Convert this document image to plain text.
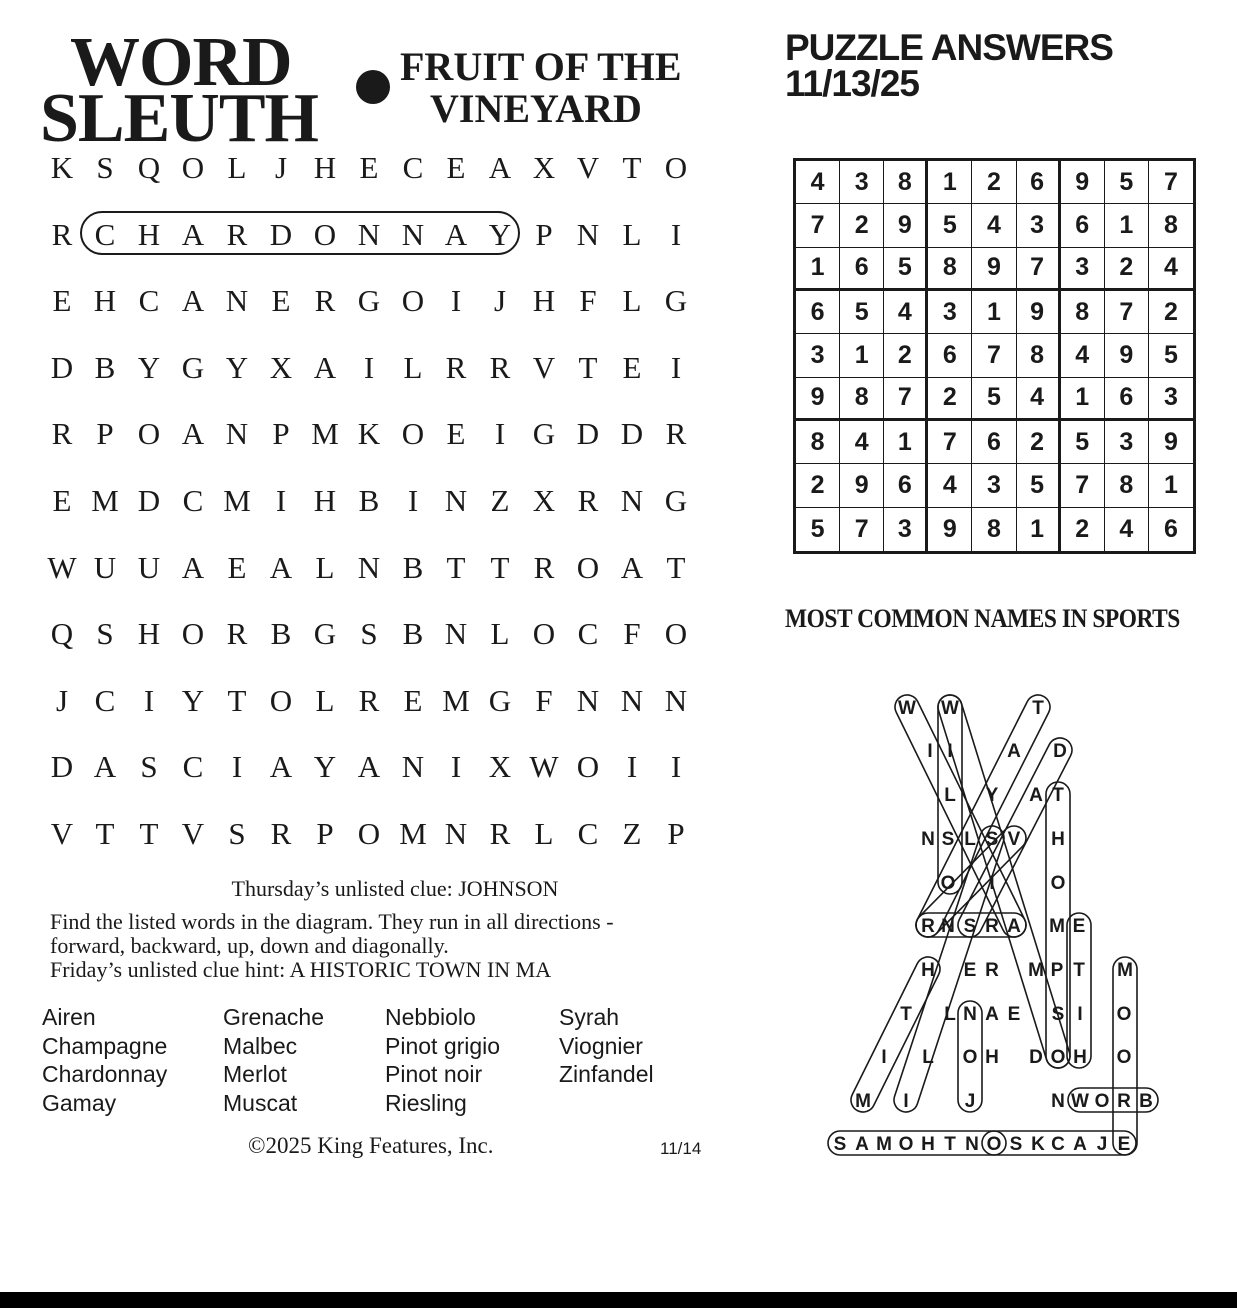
WORD
SLEUTH
FRUIT OF THE
VINEYARD
K S Q O L J H E C E A X V T O
R C H A R D O N N A Y P N L I
E H C A N E R G O I	J H F L G
D B Y G Y X A I L R R V T E I
R P O A N P M K O E I G D D R
E M D C M I H B I N Z X R N G
W U U A E A L N B T T R O A T
Q S H O R B G S B N L O C F O
J C I Y T O L R E M G F N N N
D A S C I A Y A N I X W O I	I
V T T V S R P O M N R L C Z P
Thursday’s unlisted clue: JOHNSON
Find the listed words in the diagram. They run in all directions -
forward, backward, up, down and diagonally.
Friday’s unlisted clue hint: A HISTORIC TOWN IN MA
Airen
Champagne
Chardonnay
Gamay
Grenache
Malbec
Merlot
Muscat
Nebbiolo
Pinot grigio
Pinot noir
Riesling
Syrah
Viognier
Zinfandel
©2025 King Features, Inc.	11/14
PUZZLE ANSWERS
11/13/25
4	3	8	1	2	6	9	5	7
7	2	9	5	4	3	6	1	8
1	6	5	8	9	7	3	2	4
6	5	4	3	1	9	8	7	2
3	1	2	6	7	8	4	9	5
9	8	7	2	5	4	1	6	3
8	4	1	7	6	2	5	3	9
2	9	6	4	3	5	7	8	1
5	7	3	9	8	1	2	4	6
MOST COMMON NAMES IN SPORTS
W W	T
I I	A D
L Y A T
N S L S V H
O I	O
R N S R A M E
H E R M P T M
T L N A E S I O
I L O H D O H O
M I	J	N W O R B
S A M O H T N O S K C A J E
